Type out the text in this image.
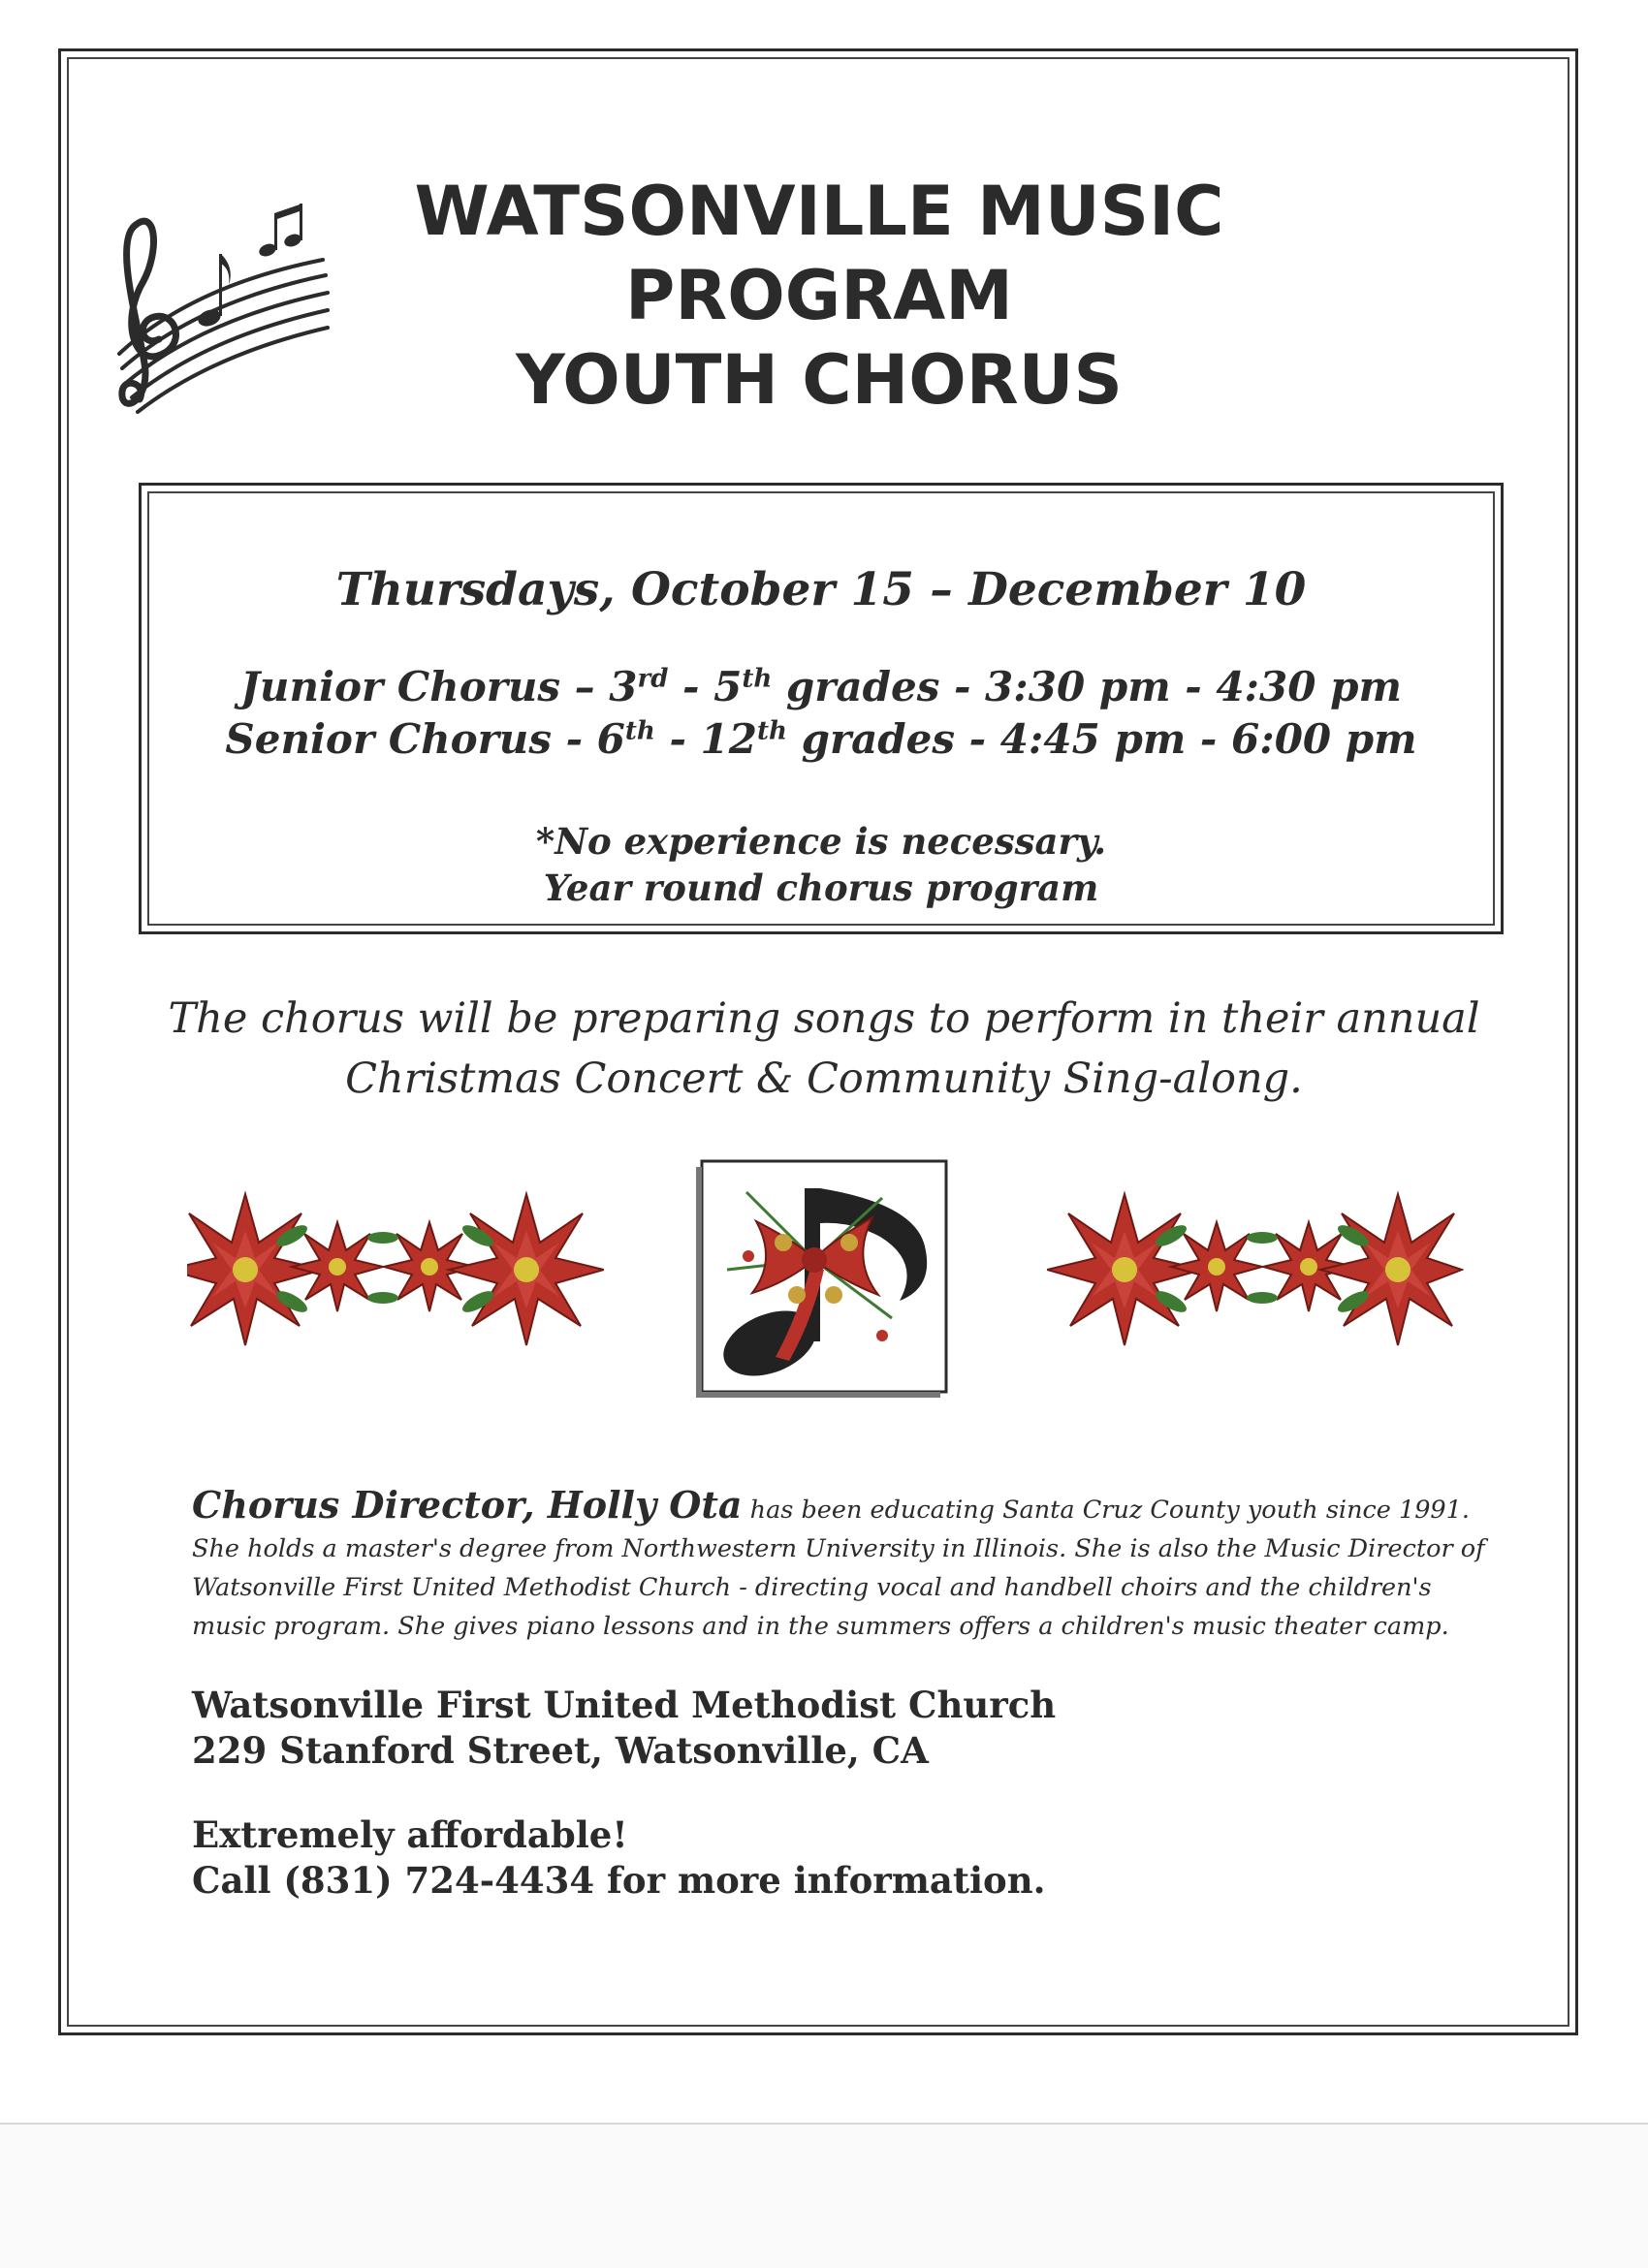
WATSONVILLE MUSIC
PROGRAM
YOUTH CHORUS
Thursdays, October 15 – December 10
Junior Chorus – 3rd - 5th grades - 3:30 pm - 4:30 pm
Senior Chorus - 6th - 12th grades - 4:45 pm - 6:00 pm
*No experience is necessary.
Year round chorus program
The chorus will be preparing songs to perform in their annual
Christmas Concert & Community Sing-along.
Chorus Director, Holly Ota has been educating Santa Cruz County youth since 1991. She holds a master's degree from Northwestern University in Illinois. She is also the Music Director of Watsonville First United Methodist Church - directing vocal and handbell choirs and the children's music program. She gives piano lessons and in the summers offers a children's music theater camp.
Watsonville First United Methodist Church
229 Stanford Street, Watsonville, CA
Extremely affordable!
Call (831) 724-4434 for more information.
